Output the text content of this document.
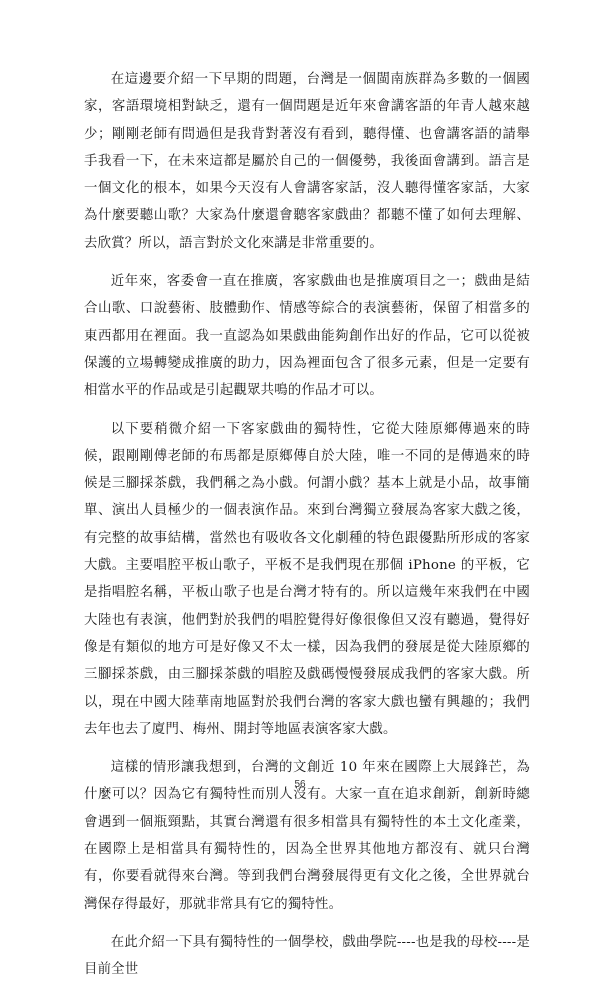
在這邊要介紹一下早期的問題，台灣是一個閩南族群為多數的一個國家，客語環境相對缺乏，還有一個問題是近年來會講客語的年青人越來越少；剛剛老師有問過但是我背對著沒有看到，聽得懂、也會講客語的請舉手我看一下，在未來這都是屬於自己的一個優勢，我後面會講到。語言是一個文化的根本，如果今天沒有人會講客家話，沒人聽得懂客家話，大家為什麼要聽山歌？大家為什麼還會聽客家戲曲？都聽不懂了如何去理解、去欣賞？所以，語言對於文化來講是非常重要的。

近年來，客委會一直在推廣，客家戲曲也是推廣項目之一；戲曲是結合山歌、口說藝術、肢體動作、情感等綜合的表演藝術，保留了相當多的東西都用在裡面。我一直認為如果戲曲能夠創作出好的作品，它可以從被保護的立場轉變成推廣的助力，因為裡面包含了很多元素，但是一定要有相當水平的作品或是引起觀眾共鳴的作品才可以。

以下要稍微介紹一下客家戲曲的獨特性，它從大陸原鄉傳過來的時候，跟剛剛傅老師的布馬都是原鄉傳自於大陸，唯一不同的是傳過來的時候是三腳採茶戲，我們稱之為小戲。何謂小戲？基本上就是小品，故事簡單、演出人員極少的一個表演作品。來到台灣獨立發展為客家大戲之後，有完整的故事結構，當然也有吸收各文化劇種的特色跟優點所形成的客家大戲。主要唱腔平板山歌子，平板不是我們現在那個 iPhone 的平板，它是指唱腔名稱，平板山歌子也是台灣才特有的。所以這幾年來我們在中國大陸也有表演，他們對於我們的唱腔覺得好像很像但又沒有聽過，覺得好像是有類似的地方可是好像又不太一樣，因為我們的發展是從大陸原鄉的三腳採茶戲，由三腳採茶戲的唱腔及戲碼慢慢發展成我們的客家大戲。所以，現在中國大陸華南地區對於我們台灣的客家大戲也蠻有興趣的；我們去年也去了廈門、梅州、開封等地區表演客家大戲。

這樣的情形讓我想到，台灣的文創近 10 年來在國際上大展鋒芒，為什麼可以？因為它有獨特性而別人沒有。大家一直在追求創新，創新時總會遇到一個瓶頸點，其實台灣還有很多相當具有獨特性的本土文化產業，在國際上是相當具有獨特性的，因為全世界其他地方都沒有、就只台灣有，你要看就得來台灣。等到我們台灣發展得更有文化之後，全世界就台灣保存得最好，那就非常具有它的獨特性。

在此介紹一下具有獨特性的一個學校，戲曲學院----也是我的母校----是目前全世

56
